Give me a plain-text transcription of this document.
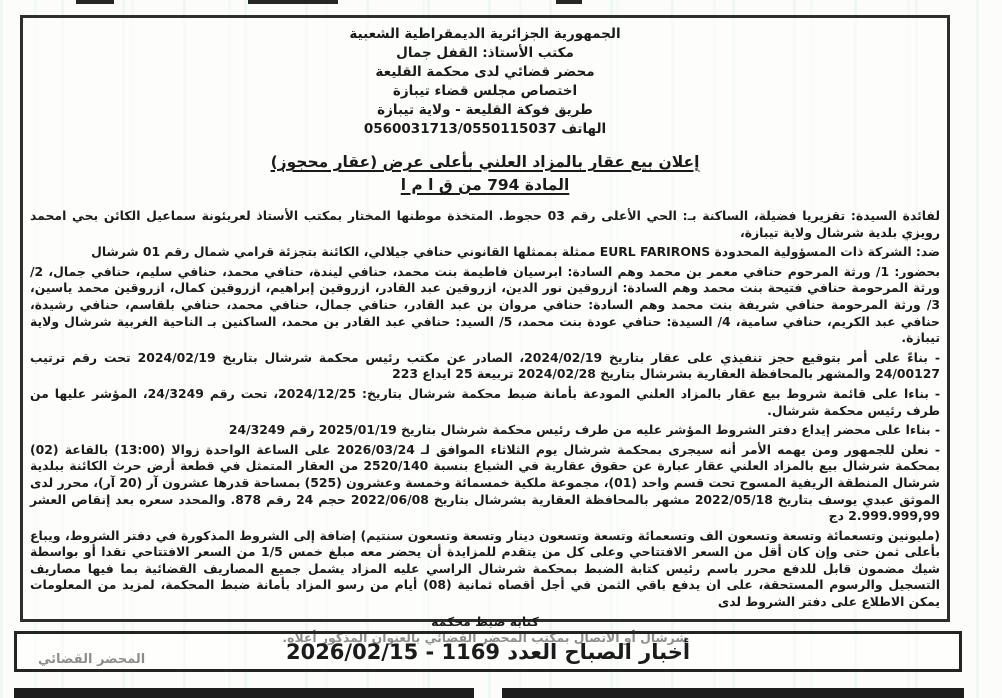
الجمهورية الجزائرية الديمقراطية الشعبية
مكتب الأستاذ: القفل جمال
محضر قضائي لدى محكمة القليعة
اختصاص مجلس قضاء تيبازة
طريق فوكة القليعة - ولاية تيبازة
الهاتف 0560031713/0550115037
إعلان بيع عقار بالمزاد العلني بأعلى عرض (عقار محجوز)
المادة 794 من ق ا م ا

لفائدة السيدة: تقزيريا فضيلة، الساكنة بـ: الحي الأعلى رقم 03 حجوط. المتخذة موطنها المختار بمكتب الأستاذ لعريئونة سماعيل الكائن بحي امحمد رويزي بلدية شرشال ولاية تيبازة،

ضد: الشركة ذات المسؤولية المحدودة EURL FARIRONS ممثلة بممثلها القانوني حنافي جيلالي، الكائنة بتجزئة قرامي شمال رقم 01 شرشال

بحضور: 1/ ورثة المرحوم حنافي معمر بن محمد وهم السادة: ابرسيان فاطيمة بنت محمد، حنافي ليندة، حنافي محمد، حنافي سليم، حنافي جمال، 2/ ورثة المرحومة حنافي فتيحة بنت محمد وهم السادة: ازروقين نور الدين، ازروقين عبد القادر، ازروقين إبراهيم، ازروقين كمال، ازروقين محمد ياسين، 3/ ورثة المرحومة حنافي شريفة بنت محمد وهم السادة: حنافي مروان بن عبد القادر، حنافي جمال، حنافي محمد، حنافي بلقاسم، حنافي رشيدة، حنافي عبد الكريم، حنافي سامية، 4/ السيدة: حنافي عودة بنت محمد، 5/ السيد: حنافي عبد القادر بن محمد، الساكنين بـ الناحية الغربية شرشال ولاية تيبازة.

- بناءً على أمر بتوقيع حجز تنفيذي على عقار بتاريخ 2024/02/19، الصادر عن مكتب رئيس محكمة شرشال بتاريخ 2024/02/19 تحت رقم ترتيب 24/00127 والمشهر بالمحافظة العقارية بشرشال بتاريخ 2024/02/28 تربيعة 25 ايداع 223

- بناءا على قائمة شروط بيع عقار بالمزاد العلني المودعة بأمانة ضبط محكمة شرشال بتاريخ: 2024/12/25، تحت رقم 24/3249، المؤشر عليها من طرف رئيس محكمة شرشال.

- بناءا على محضر إيداع دفتر الشروط المؤشر عليه من طرف رئيس محكمة شرشال بتاريخ 2025/01/19 رقم 24/3249

- نعلن للجمهور ومن يهمه الأمر أنه سيجرى بمحكمة شرشال يوم الثلاثاء الموافق لـ 2026/03/24 على الساعة الواحدة زوالا (13:00) بالقاعة (02) بمحكمة شرشال بيع بالمزاد العلني عقار عبارة عن حقوق عقارية في الشياع بنسبة 2520/140 من العقار المتمثل في قطعة أرض حرث الكائنة ببلدية شرشال المنطقة الريفية المسوح تحت قسم واحد (01)، مجموعة ملكية خمسمائة وخمسة وعشرون (525) بمساحة قدرها عشرون آر (20 آر)، محرر لدى الموثق عبدي يوسف بتاريخ 2022/05/18 مشهر بالمحافظة العقارية بشرشال بتاريخ 2022/06/08 حجم 24 رقم 878. والمحدد سعره بعد إنقاص العشر 2.999.999,99 دج

(مليونين وتسعمائة وتسعة وتسعون الف وتسعمائة وتسعة وتسعون دينار وتسعة وتسعون سنتيم) إضافة إلى الشروط المذكورة في دفتر الشروط، ويباع بأعلى ثمن حتى وإن كان أقل من السعر الافتتاحي وعلى كل من يتقدم للمزايدة أن يحضر معه مبلغ خمس 1/5 من السعر الافتتاحي نقدا أو بواسطة شيك مضمون قابل للدفع محرر باسم رئيس كتابة الضبط بمحكمة شرشال الراسي عليه المزاد يشمل جميع المصاريف القضائية بما فيها مصاريف التسجيل والرسوم المستحقة، على ان يدفع باقي الثمن في أجل أقصاه ثمانية (08) أيام من رسو المزاد بأمانة ضبط المحكمة، لمزيد من المعلومات يمكن الاطلاع على دفتر الشروط لدى

كتابة ضبط محكمة

أخبار الصباح العدد 1169 - 2026/02/15
